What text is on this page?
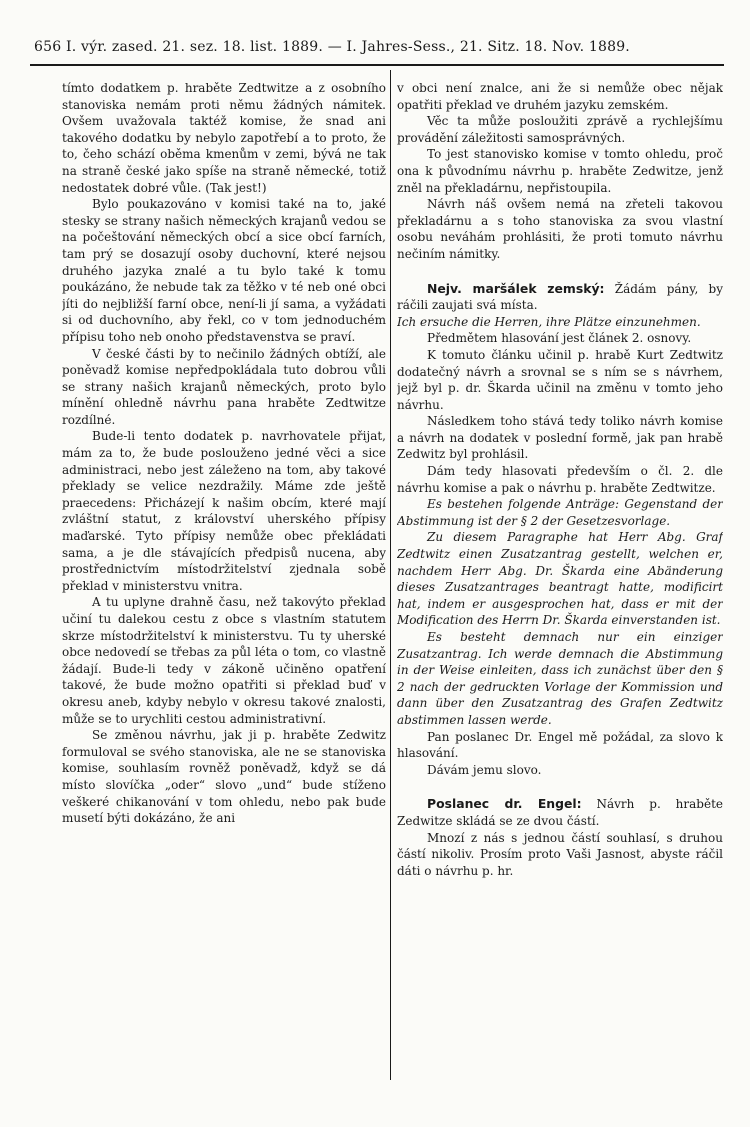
656 I. výr. zased. 21. sez. 18. list. 1889. — I. Jahres-Sess., 21. Sitz. 18. Nov. 1889.

tímto dodatkem p. hraběte Zedtwitze a z osobního stanoviska nemám proti němu žádných námitek. Ovšem uvažovala taktéž komise, že snad ani takového dodatku by nebylo zapotřebí a to proto, že to, čeho schází oběma kmenům v zemi, bývá ne tak na straně české jako spíše na straně německé, totiž nedostatek dobré vůle. (Tak jest!)

Bylo poukazováno v komisi také na to, jaké stesky se strany našich německých krajanů vedou se na počeštování německých obcí a sice obcí farních, tam prý se dosazují osoby duchovní, které nejsou druhého jazyka znalé a tu bylo také k tomu poukázáno, že nebude tak za těžko v té neb oné obci jíti do nejbližší farní obce, není-li jí sama, a vyžádati si od duchovního, aby řekl, co v tom jednoduchém přípisu toho neb onoho představenstva se praví.

V české části by to nečinilo žádných obtíží, ale poněvadž komise nepředpokládala tuto dobrou vůli se strany našich krajanů německých, proto bylo mínění ohledně návrhu pana hraběte Zedtwitze rozdílné.

Bude-li tento dodatek p. navrhovatele přijat, mám za to, že bude poslouženo jedné věci a sice administraci, nebo jest záleženo na tom, aby takové překlady se velice nezdražily. Máme zde ještě praecedens: Přicházejí k našim obcím, které mají zvláštní statut, z království uherského přípisy maďarské. Tyto přípisy nemůže obec překládati sama, a je dle stávajících předpisů nucena, aby prostřednictvím místodržitelství zjednala sobě překlad v ministerstvu vnitra.

A tu uplyne drahně času, než takovýto překlad učiní tu dalekou cestu z obce s vlastním statutem skrze místodržitelství k ministerstvu. Tu ty uherské obce nedovedí se třebas za půl léta o tom, co vlastně žádají. Bude-li tedy v zákoně učiněno opatření takové, že bude možno opatřiti si překlad buď v okresu aneb, kdyby nebylo v okresu takové znalosti, může se to urychliti cestou administrativní.

Se změnou návrhu, jak ji p. hraběte Zedwitz formuloval se svého stanoviska, ale ne se stanoviska komise, souhlasím rovněž poněvadž, když se dá místo slovíčka „oder“ slovo „und“ bude stíženo veškeré chikanování v tom ohledu, nebo pak bude musetí býti dokázáno, že ani

v obci není znalce, ani že si nemůže obec nějak opatřiti překlad ve druhém jazyku zemském.

Věc ta může posloužiti zprávě a rychlejšímu provádění záležitosti samosprávných.

To jest stanovisko komise v tomto ohledu, proč ona k původnímu návrhu p. hraběte Zedwitze, jenž zněl na překladárnu, nepřistoupila.

Návrh náš ovšem nemá na zřeteli takovou překladárnu a s toho stanoviska za svou vlastní osobu neváhám prohlásiti, že proti tomuto návrhu nečiním námitky.

Nejv. maršálek zemský: Žádám pány, by ráčili zaujati svá místa.

Ich ersuche die Herren, ihre Plätze einzunehmen.

Předmětem hlasování jest článek 2. osnovy.

K tomuto článku učinil p. hrabě Kurt Zedtwitz dodatečný návrh a srovnal se s ním se s návrhem, jejž byl p. dr. Škarda učinil na změnu v tomto jeho návrhu.

Následkem toho stává tedy toliko návrh komise a návrh na dodatek v poslední formě, jak pan hrabě Zedwitz byl prohlásil.

Dám tedy hlasovati především o čl. 2. dle návrhu komise a pak o návrhu p. hraběte Zedtwitze.

Es bestehen folgende Anträge: Gegenstand der Abstimmung ist der § 2 der Gesetzesvorlage.

Zu diesem Paragraphe hat Herr Abg. Graf Zedtwitz einen Zusatzantrag gestellt, welchen er, nachdem Herr Abg. Dr. Škarda eine Abänderung dieses Zusatzantrages beantragt hatte, modificirt hat, indem er ausgesprochen hat, dass er mit der Modification des Herrn Dr. Škarda einverstanden ist.

Es besteht demnach nur ein einziger Zusatzantrag. Ich werde demnach die Abstimmung in der Weise einleiten, dass ich zunächst über den § 2 nach der gedruckten Vorlage der Kommission und dann über den Zusatzantrag des Grafen Zedtwitz abstimmen lassen werde.

Pan poslanec Dr. Engel mě požádal, za slovo k hlasování.

Dávám jemu slovo.

Poslanec dr. Engel: Návrh p. hraběte Zedwitze skládá se ze dvou částí.

Mnozí z nás s jednou částí souhlasí, s druhou částí nikoliv. Prosím proto Vaši Jasnost, abyste ráčil dáti o návrhu p. hr.
